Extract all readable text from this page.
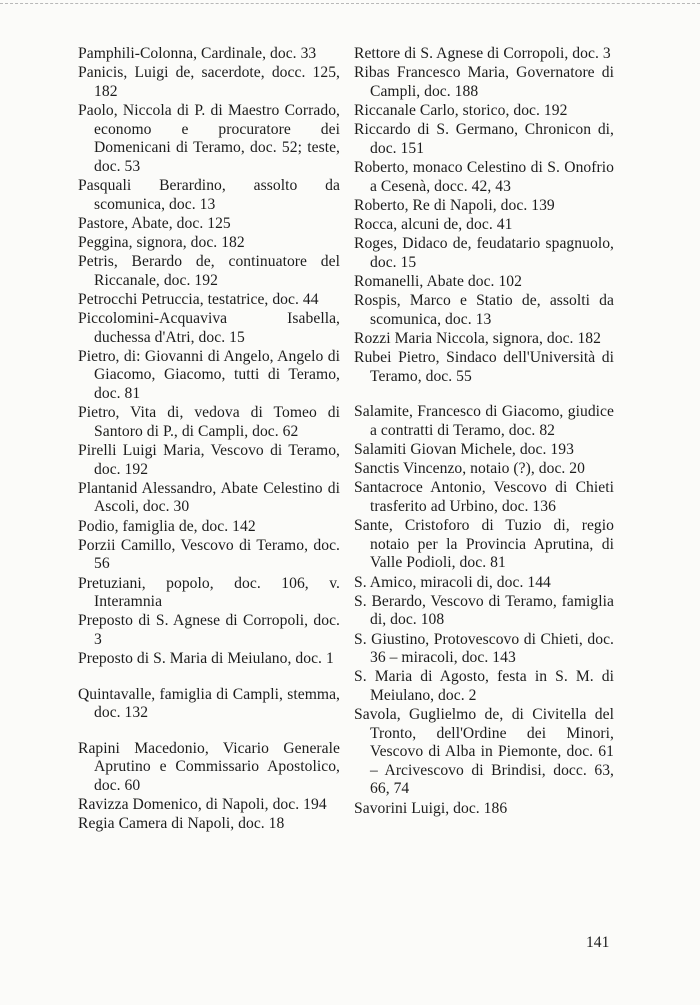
Pamphili-Colonna, Cardinale, doc. 33

Panicis, Luigi de, sacerdote, docc. 125, 182

Paolo, Niccola di P. di Maestro Corrado, economo e procuratore dei Domenicani di Teramo, doc. 52; teste, doc. 53

Pasquali Berardino, assolto da scomunica, doc. 13

Pastore, Abate, doc. 125

Peggina, signora, doc. 182

Petris, Berardo de, continuatore del Riccanale, doc. 192

Petrocchi Petruccia, testatrice, doc. 44

Piccolomini-Acquaviva Isabella, duchessa d'Atri, doc. 15

Pietro, di: Giovanni di Angelo, Angelo di Giacomo, Giacomo, tutti di Teramo, doc. 81

Pietro, Vita di, vedova di Tomeo di Santoro di P., di Campli, doc. 62

Pirelli Luigi Maria, Vescovo di Teramo, doc. 192

Plantanid Alessandro, Abate Celestino di Ascoli, doc. 30

Podio, famiglia de, doc. 142

Porzii Camillo, Vescovo di Teramo, doc. 56

Pretuziani, popolo, doc. 106, v. Interamnia

Preposto di S. Agnese di Corropoli, doc. 3

Preposto di S. Maria di Meiulano, doc. 1

Quintavalle, famiglia di Campli, stemma, doc. 132

Rapini Macedonio, Vicario Generale Aprutino e Commissario Apostolico, doc. 60

Ravizza Domenico, di Napoli, doc. 194

Regia Camera di Napoli, doc. 18

Rettore di S. Agnese di Corropoli, doc. 3

Ribas Francesco Maria, Governatore di Campli, doc. 188

Riccanale Carlo, storico, doc. 192

Riccardo di S. Germano, Chronicon di, doc. 151

Roberto, monaco Celestino di S. Onofrio a Cesenà, docc. 42, 43

Roberto, Re di Napoli, doc. 139

Rocca, alcuni de, doc. 41

Roges, Didaco de, feudatario spagnuolo, doc. 15

Romanelli, Abate doc. 102

Rospis, Marco e Statio de, assolti da scomunica, doc. 13

Rozzi Maria Niccola, signora, doc. 182

Rubei Pietro, Sindaco dell'Università di Teramo, doc. 55

Salamite, Francesco di Giacomo, giudice a contratti di Teramo, doc. 82

Salamiti Giovan Michele, doc. 193

Sanctis Vincenzo, notaio (?), doc. 20

Santacroce Antonio, Vescovo di Chieti trasferito ad Urbino, doc. 136

Sante, Cristoforo di Tuzio di, regio notaio per la Provincia Aprutina, di Valle Podioli, doc. 81

S. Amico, miracoli di, doc. 144

S. Berardo, Vescovo di Teramo, famiglia di, doc. 108

S. Giustino, Protovescovo di Chieti, doc. 36 – miracoli, doc. 143

S. Maria di Agosto, festa in S. M. di Meiulano, doc. 2

Savola, Guglielmo de, di Civitella del Tronto, dell'Ordine dei Minori, Vescovo di Alba in Piemonte, doc. 61 – Arcivescovo di Brindisi, docc. 63, 66, 74

Savorini Luigi, doc. 186

141
